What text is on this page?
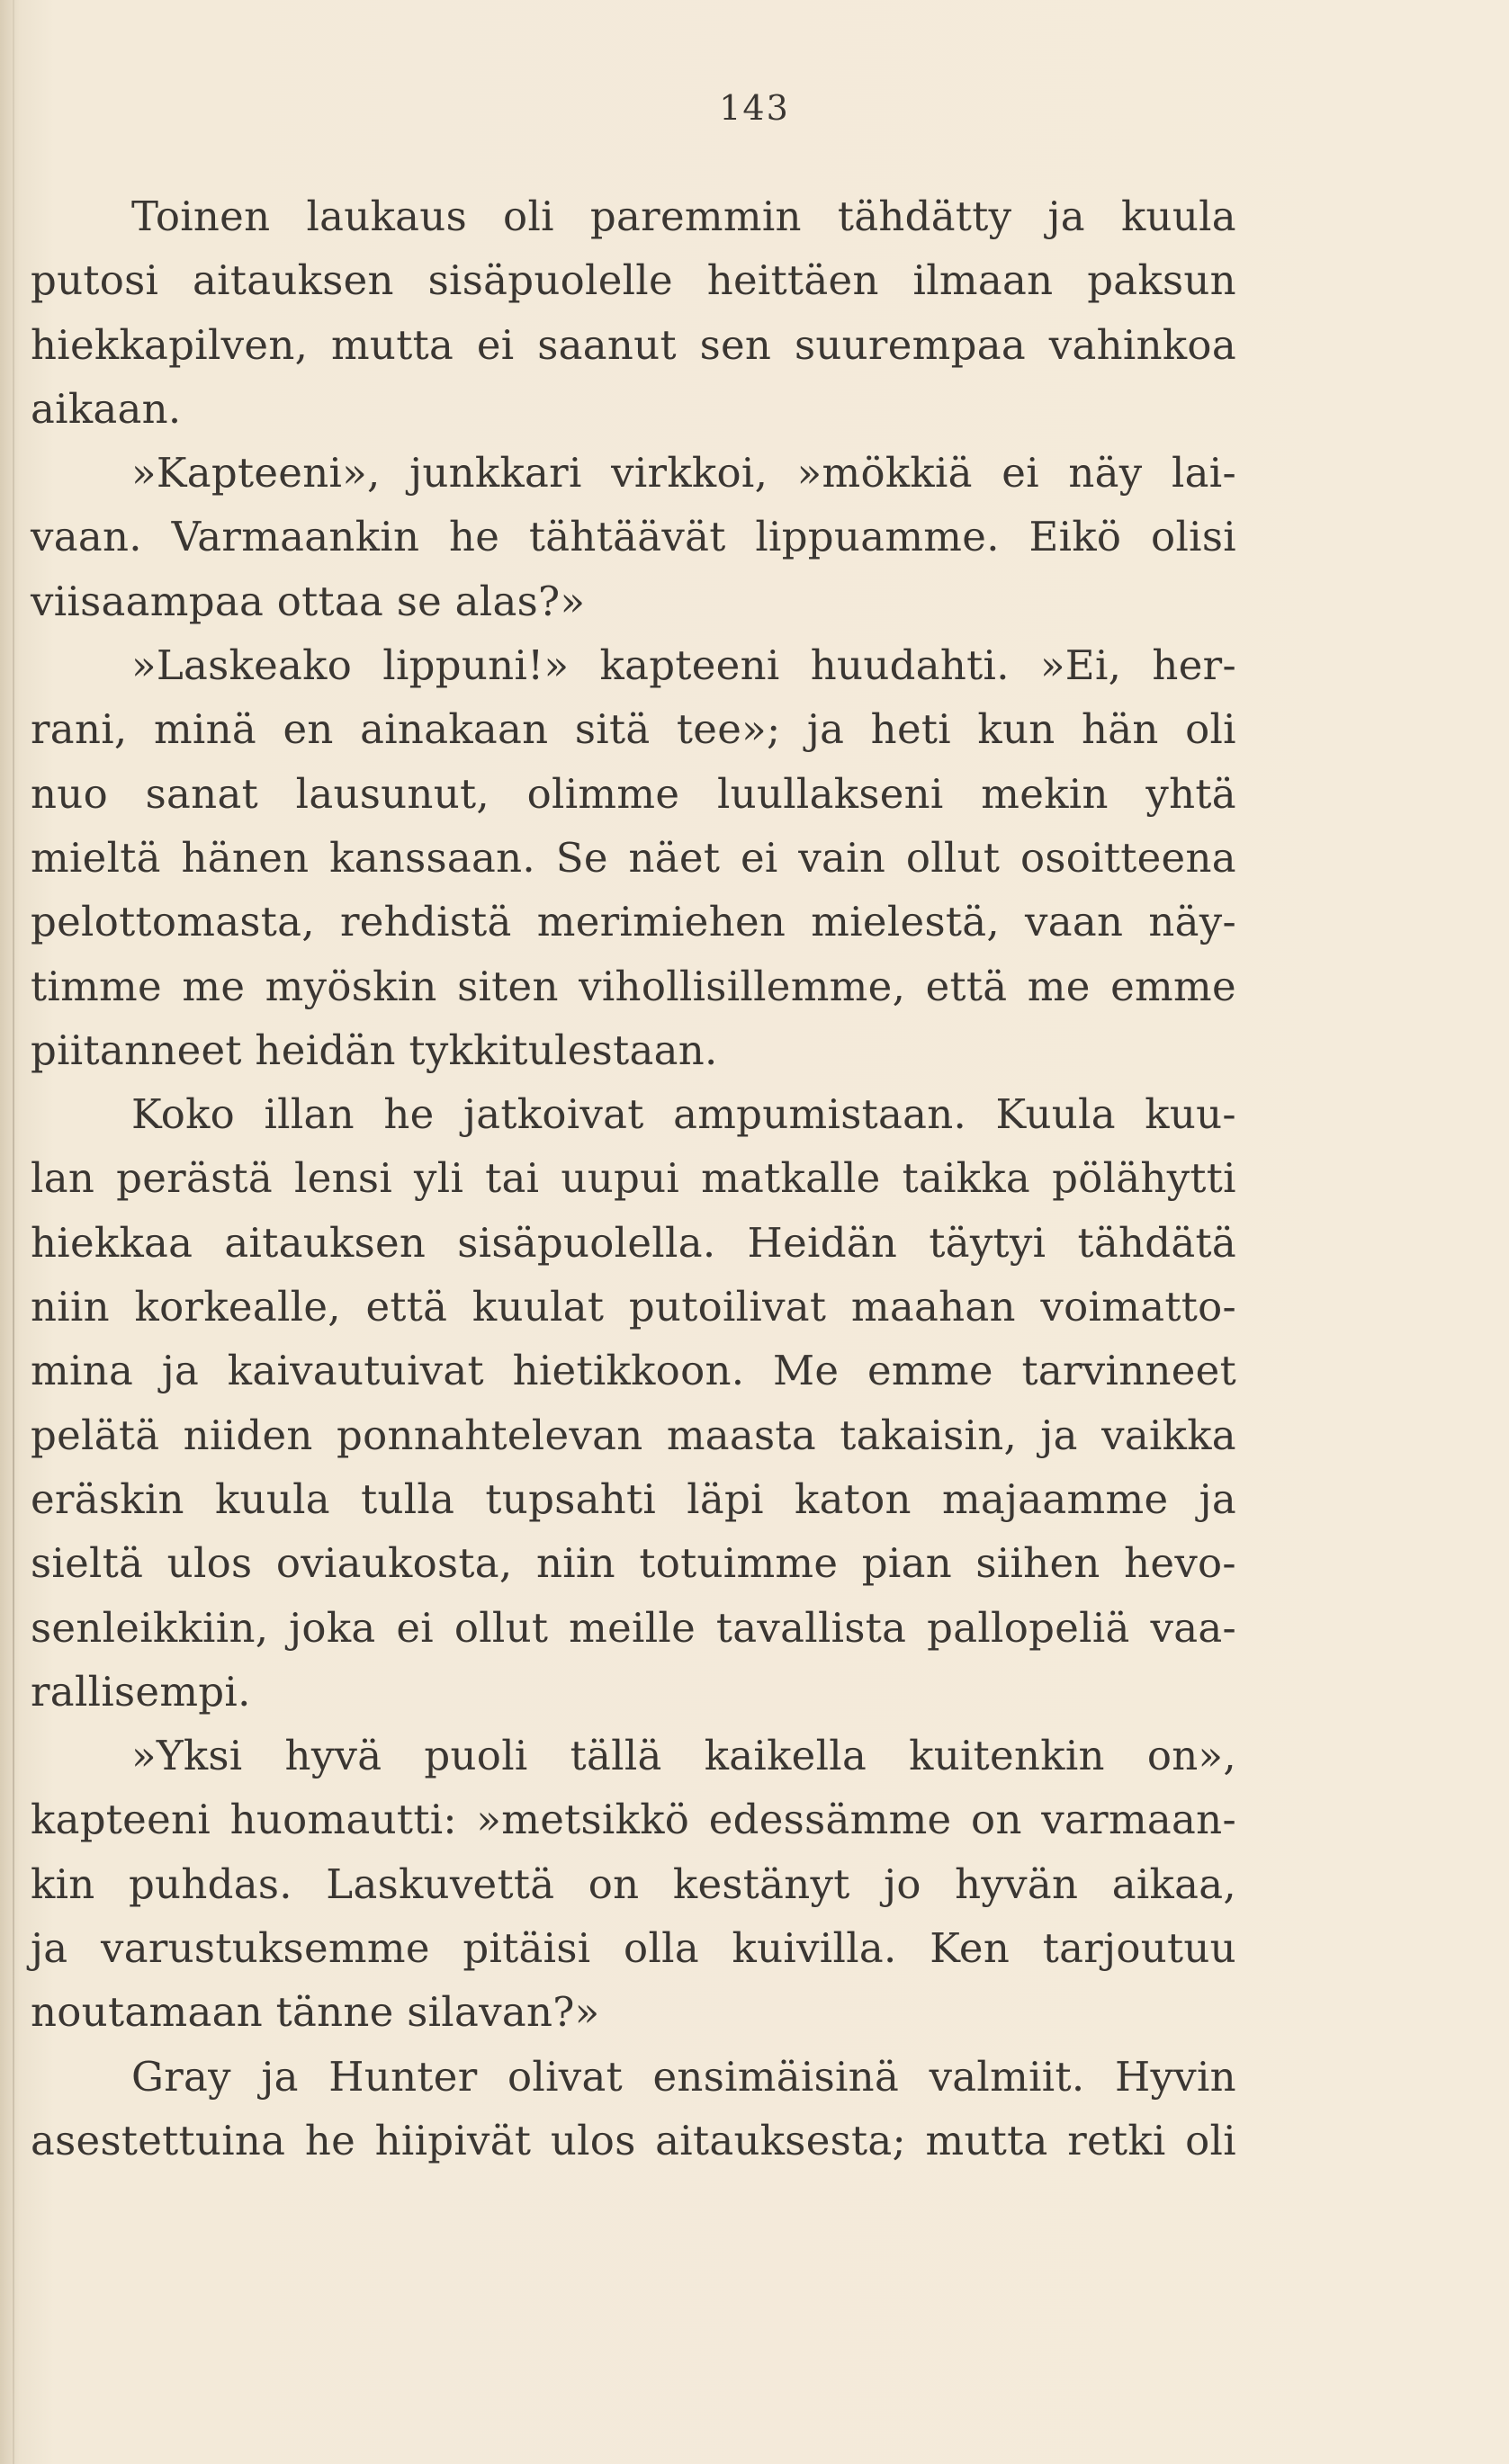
143
Toinen laukaus oli paremmin tähdätty ja kuula
putosi aitauksen sisäpuolelle heittäen ilmaan paksun
hiekkapilven, mutta ei saanut sen suurempaa vahinkoa
aikaan.
»Kapteeni», junkkari virkkoi, »mökkiä ei näy lai-
vaan. Varmaankin he tähtäävät lippuamme. Eikö olisi
viisaampaa ottaa se alas?»
»Laskeako lippuni!» kapteeni huudahti. »Ei, her-
rani, minä en ainakaan sitä tee»; ja heti kun hän oli
nuo sanat lausunut, olimme luullakseni mekin yhtä
mieltä hänen kanssaan. Se näet ei vain ollut osoitteena
pelottomasta, rehdistä merimiehen mielestä, vaan näy-
timme me myöskin siten vihollisillemme, että me emme
piitanneet heidän tykkitulestaan.
Koko illan he jatkoivat ampumistaan. Kuula kuu-
lan perästä lensi yli tai uupui matkalle taikka pölähytti
hiekkaa aitauksen sisäpuolella. Heidän täytyi tähdätä
niin korkealle, että kuulat putoilivat maahan voimatto-
mina ja kaivautuivat hietikkoon. Me emme tarvinneet
pelätä niiden ponnahtelevan maasta takaisin, ja vaikka
eräskin kuula tulla tupsahti läpi katon majaamme ja
sieltä ulos oviaukosta, niin totuimme pian siihen hevo-
senleikkiin, joka ei ollut meille tavallista pallopeliä vaa-
rallisempi.
»Yksi hyvä puoli tällä kaikella kuitenkin on»,
kapteeni huomautti: »metsikkö edessämme on varmaan-
kin puhdas. Laskuvettä on kestänyt jo hyvän aikaa,
ja varustuksemme pitäisi olla kuivilla. Ken tarjoutuu
noutamaan tänne silavan?»
Gray ja Hunter olivat ensimäisinä valmiit. Hyvin
asestettuina he hiipivät ulos aitauksesta; mutta retki oli
